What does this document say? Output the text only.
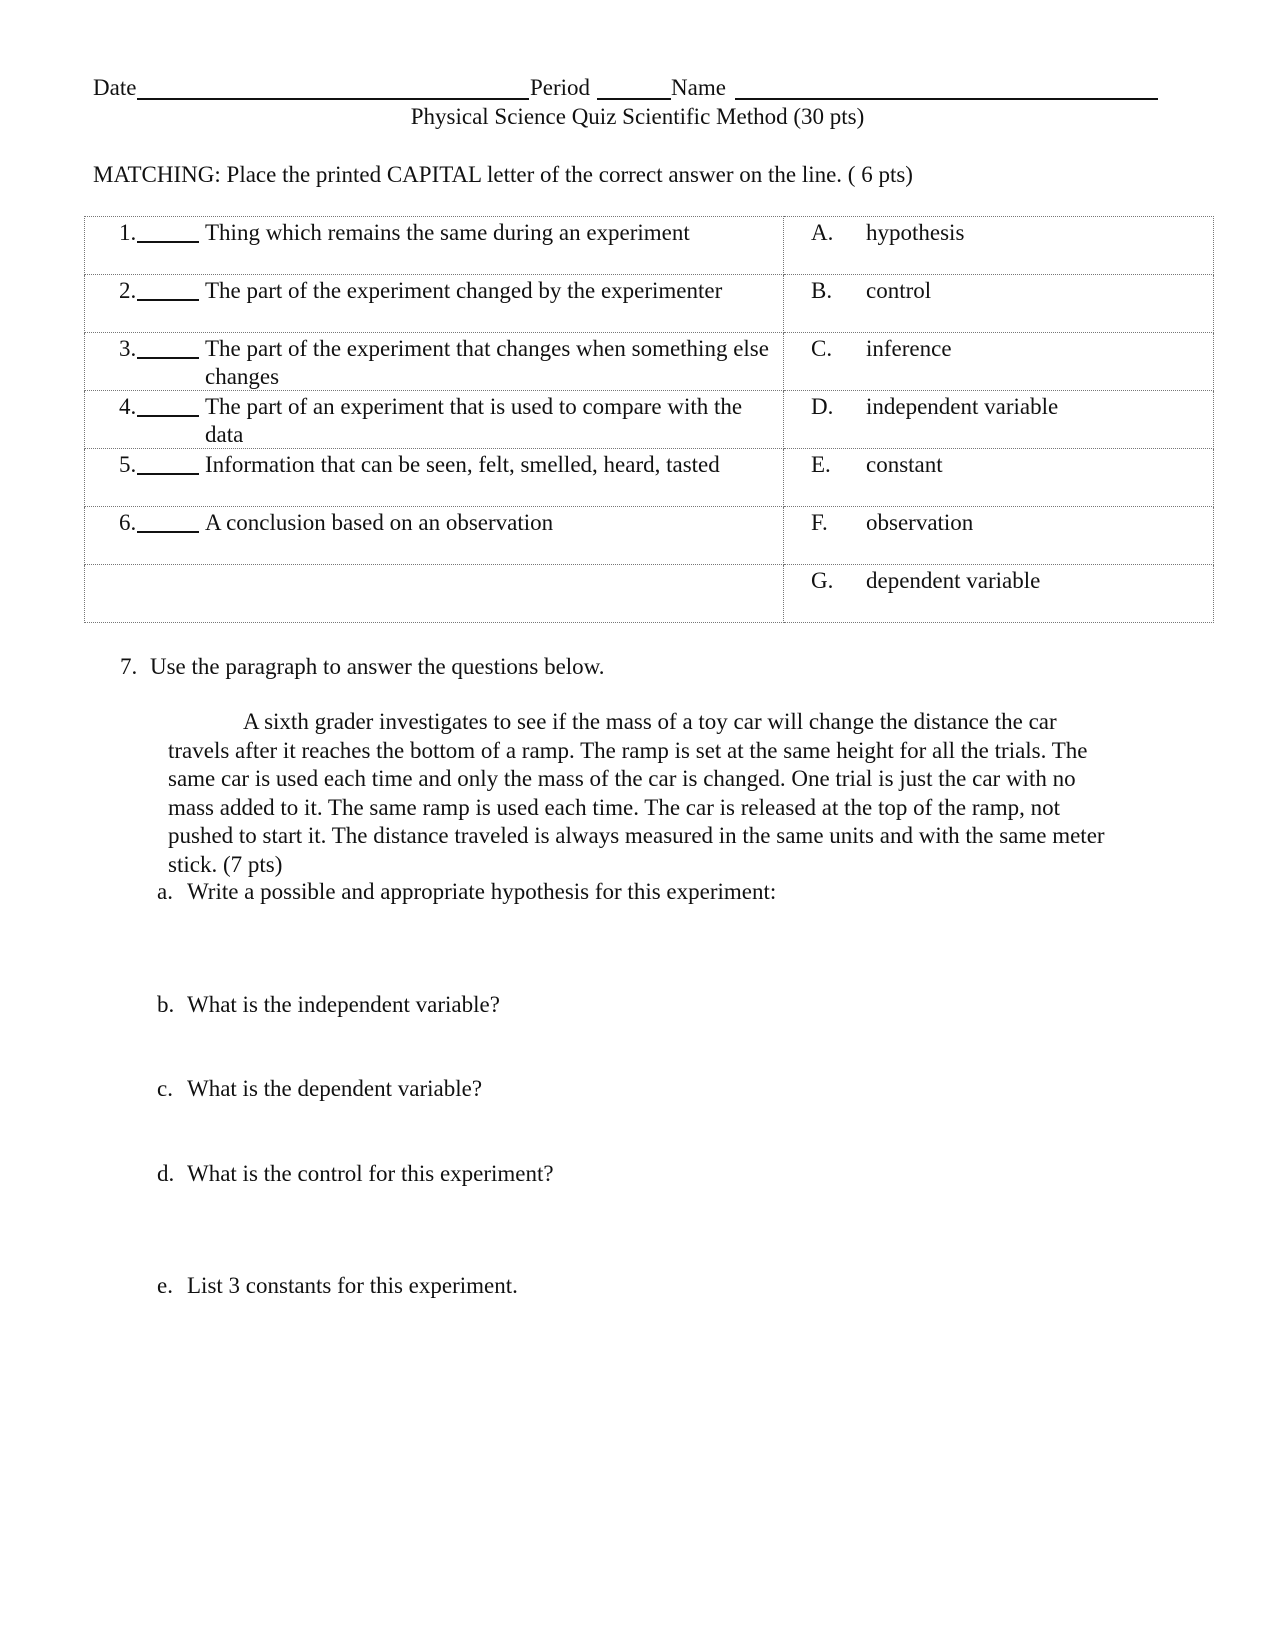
Date	Period	Name
Physical Science Quiz Scientific Method (30 pts)
MATCHING: Place the printed CAPITAL letter of the correct answer on the line. ( 6 pts)
1. Thing which remains the same during an experiment	A. hypothesis

2. The part of the experiment changed by the experimenter	B. control

3. The part of the experiment that changes when something else changes	C. inference

4. The part of an experiment that is used to compare with the data	D. independent variable

5. Information that can be seen, felt, smelled, heard, tasted	E. constant

6. A conclusion based on an observation	F. observation

	G. dependent variable
7. Use the paragraph to answer the questions below.
A sixth grader investigates to see if the mass of a toy car will change the distance the car travels after it reaches the bottom of a ramp. The ramp is set at the same height for all the trials. The same car is used each time and only the mass of the car is changed. One trial is just the car with no mass added to it. The same ramp is used each time. The car is released at the top of the ramp, not pushed to start it. The distance traveled is always measured in the same units and with the same meter stick. (7 pts)
a. Write a possible and appropriate hypothesis for this experiment:
b. What is the independent variable?
c. What is the dependent variable?
d. What is the control for this experiment?
e. List 3 constants for this experiment.
